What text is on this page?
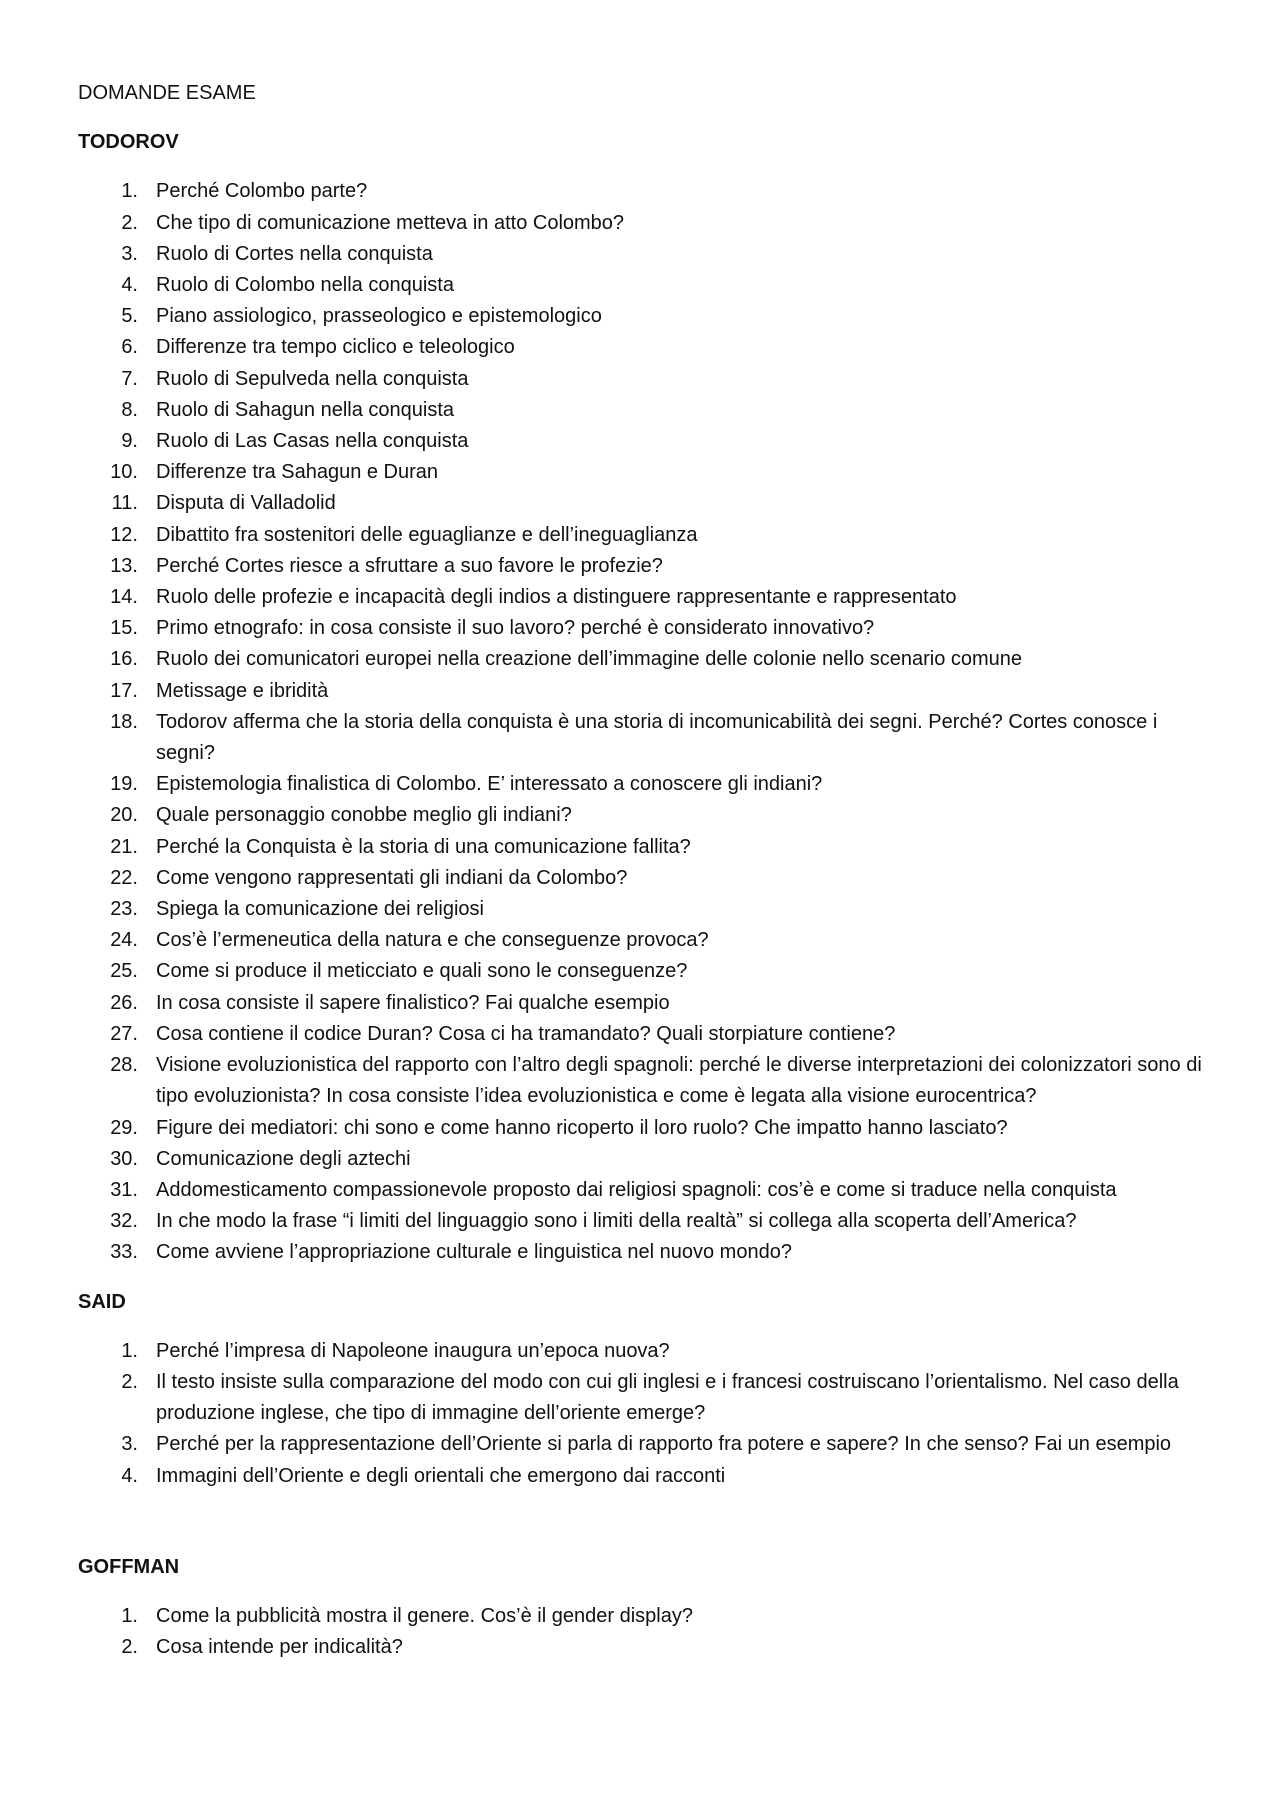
DOMANDE ESAME
TODOROV
1. Perché Colombo parte?
2. Che tipo di comunicazione metteva in atto Colombo?
3. Ruolo di Cortes nella conquista
4. Ruolo di Colombo nella conquista
5. Piano assiologico, prasseologico e epistemologico
6. Differenze tra tempo ciclico e teleologico
7. Ruolo di Sepulveda nella conquista
8. Ruolo di Sahagun nella conquista
9. Ruolo di Las Casas nella conquista
10. Differenze tra Sahagun e Duran
11. Disputa di Valladolid
12. Dibattito fra sostenitori delle eguaglianze e dell’ineguaglianza
13. Perché Cortes riesce a sfruttare a suo favore le profezie?
14. Ruolo delle profezie e incapacità degli indios a distinguere rappresentante e rappresentato
15. Primo etnografo: in cosa consiste il suo lavoro? perché è considerato innovativo?
16. Ruolo dei comunicatori europei nella creazione dell’immagine delle colonie nello scenario comune
17. Metissage e ibridità
18. Todorov afferma che la storia della conquista è una storia di incomunicabilità dei segni. Perché? Cortes conosce i segni?
19. Epistemologia finalistica di Colombo. E’ interessato a conoscere gli indiani?
20. Quale personaggio conobbe meglio gli indiani?
21. Perché la Conquista è la storia di una comunicazione fallita?
22. Come vengono rappresentati gli indiani da Colombo?
23. Spiega la comunicazione dei religiosi
24. Cos’è l’ermeneutica della natura e che conseguenze provoca?
25. Come si produce il meticciato e quali sono le conseguenze?
26. In cosa consiste il sapere finalistico? Fai qualche esempio
27. Cosa contiene il codice Duran? Cosa ci ha tramandato? Quali storpiature contiene?
28. Visione evoluzionistica del rapporto con l’altro degli spagnoli: perché le diverse interpretazioni dei colonizzatori sono di tipo evoluzionista? In cosa consiste l’idea evoluzionistica e come è legata alla visione eurocentrica?
29. Figure dei mediatori: chi sono e come hanno ricoperto il loro ruolo? Che impatto hanno lasciato?
30. Comunicazione degli aztechi
31. Addomesticamento compassionevole proposto dai religiosi spagnoli: cos’è e come si traduce nella conquista
32. In che modo la frase “i limiti del linguaggio sono i limiti della realtà” si collega alla scoperta dell’America?
33. Come avviene l’appropriazione culturale e linguistica nel nuovo mondo?
SAID
1. Perché l’impresa di Napoleone inaugura un’epoca nuova?
2. Il testo insiste sulla comparazione del modo con cui gli inglesi e i francesi costruiscano l’orientalismo. Nel caso della produzione inglese, che tipo di immagine dell’oriente emerge?
3. Perché per la rappresentazione dell’Oriente si parla di rapporto fra potere e sapere? In che senso? Fai un esempio
4. Immagini dell’Oriente e degli orientali che emergono dai racconti
GOFFMAN
1. Come la pubblicità mostra il genere. Cos’è il gender display?
2. Cosa intende per indicalità?
